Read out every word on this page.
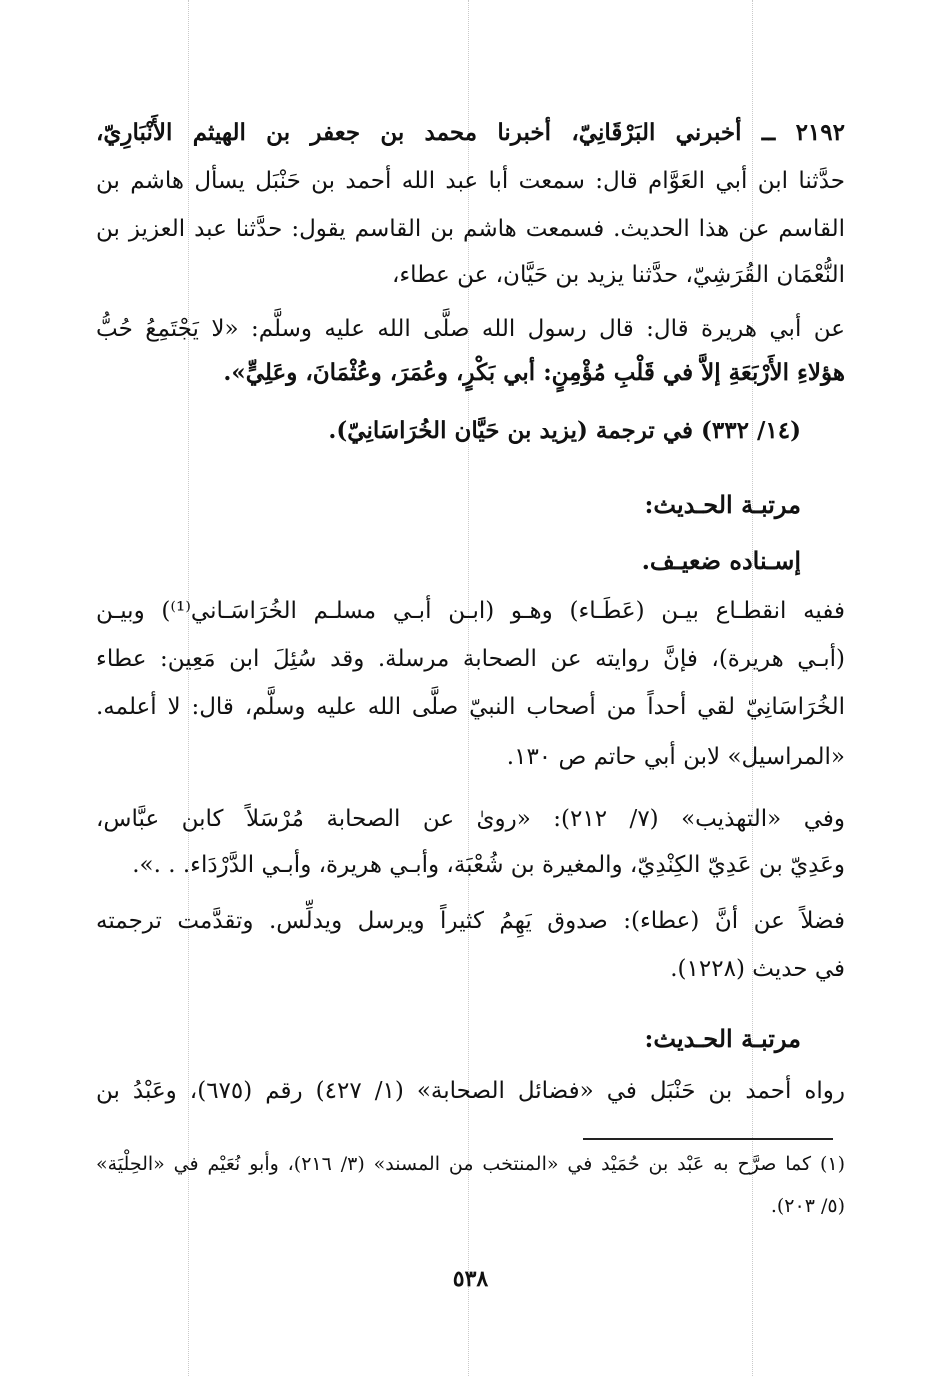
٢١٩٢ ــ أخبرني البَرْقَانِيّ، أخبرنا محمد بن جعفر بن الهيثم الأَنْبَارِيّ،
حدَّثنا ابن أبي العَوَّام قال: سمعت أبا عبد الله أحمد بن حَنْبَل يسأل هاشم بن
القاسم عن هذا الحديث. فسمعت هاشم بن القاسم يقول: حدَّثنا عبد العزيز بن
النُّعْمَان القُرَشِيّ، حدَّثنا يزيد بن حَيَّان، عن عطاء،
عن أبي هريرة قال: قال رسول الله صلَّى الله عليه وسلَّم: «لا يَجْتَمِعُ حُبُّ
هؤلاءِ الأَرْبَعَةِ إلاَّ في قَلْبِ مُؤْمِنٍ: أبي بَكْرٍ، وعُمَرَ، وعُثْمَانَ، وعَلِيٍّ».
(١٤/ ٣٣٢) في ترجمة (يزيد بن حَيَّان الخُرَاسَانِيّ).
مرتبـة الحـديث:
إسـناده ضعيـف.
ففيه انقطـاع بيـن (عَطَـاء) وهـو (ابـن أبـي مسلـم الخُرَاسَـاني⁽¹⁾) وبيـن
(أبـي هريرة)، فإنَّ روايته عن الصحابة مرسلة. وقد سُئِلَ ابن مَعِين: عطاء
الخُرَاسَانِيّ لقي أحداً من أصحاب النبيّ صلَّى الله عليه وسلَّم، قال: لا أعلمه.
«المراسيل» لابن أبي حاتم ص ١٣٠.
وفي «التهذيب» (٧/ ٢١٢): «روىٰ عن الصحابة مُرْسَلاً كابن عبَّاس،
وعَدِيّ بن عَدِيّ الكِنْدِيّ، والمغيرة بن شُعْبَة، وأبـي هريرة، وأبـي الدَّرْدَاء. . .».
فضلاً عن أنَّ (عطاء): صدوق يَهِمُ كثيراً ويرسل ويدلِّس. وتقدَّمت ترجمته
في حديث (١٢٢٨).
مرتبـة الحـديث:
رواه أحمد بن حَنْبَل في «فضائل الصحابة» (١/ ٤٢٧) رقم (٦٧٥)، وعَبْدُ بن
(١) كما صرَّح به عَبْد بن حُمَيْد في «المنتخب من المسند» (٣/ ٢١٦)، وأبو نُعَيْم في «الحِلْيَة»
(٥/ ٢٠٣).
٥٣٨
